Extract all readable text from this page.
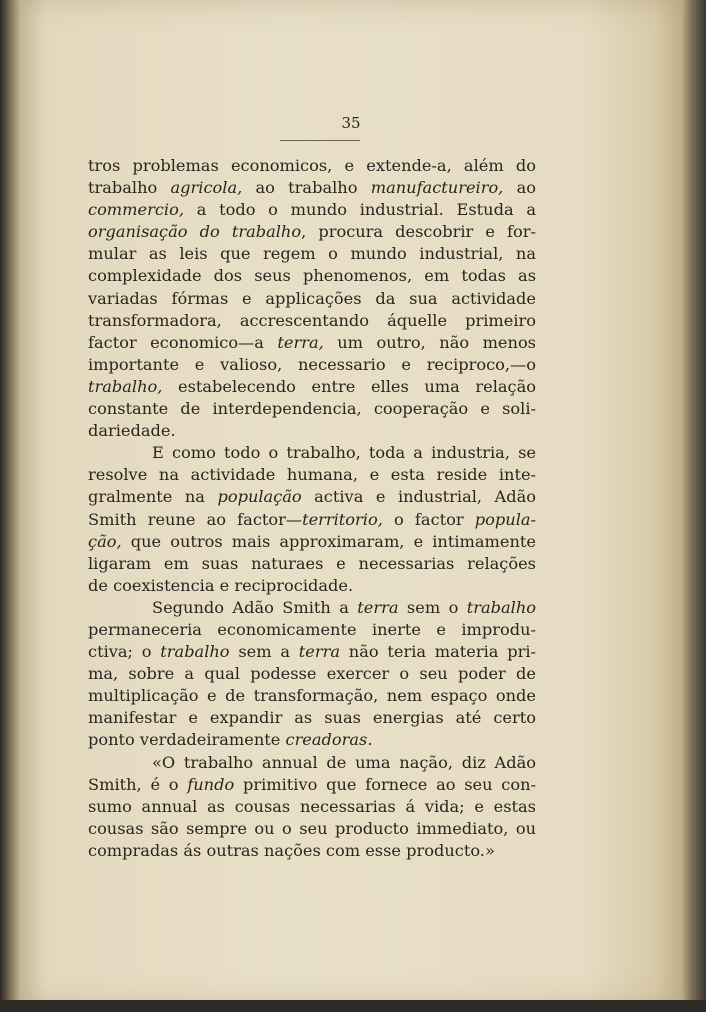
35
tros problemas economicos, e extende-a, além do
trabalho agricola, ao trabalho manufactureiro, ao
commercio, a todo o mundo industrial. Estuda a
organisação do trabalho, procura descobrir e for-
mular as leis que regem o mundo industrial, na
complexidade dos seus phenomenos, em todas as
variadas fórmas e applicações da sua actividade
transformadora, accrescentando áquelle primeiro
factor economico—a terra, um outro, não menos
importante e valioso, necessario e reciproco,—o
trabalho, estabelecendo entre elles uma relação
constante de interdependencia, cooperação e soli-
dariedade.
E como todo o trabalho, toda a industria, se
resolve na actividade humana, e esta reside inte-
gralmente na população activa e industrial, Adão
Smith reune ao factor—territorio, o factor popula-
ção, que outros mais approximaram, e intimamente
ligaram em suas naturaes e necessarias relações
de coexistencia e reciprocidade.
Segundo Adão Smith a terra sem o trabalho
permaneceria economicamente inerte e improdu-
ctiva; o trabalho sem a terra não teria materia pri-
ma, sobre a qual podesse exercer o seu poder de
multiplicação e de transformação, nem espaço onde
manifestar e expandir as suas energias até certo
ponto verdadeiramente creadoras.
«O trabalho annual de uma nação, diz Adão
Smith, é o fundo primitivo que fornece ao seu con-
sumo annual as cousas necessarias á vida; e estas
cousas são sempre ou o seu producto immediato, ou
compradas ás outras nações com esse producto.»
